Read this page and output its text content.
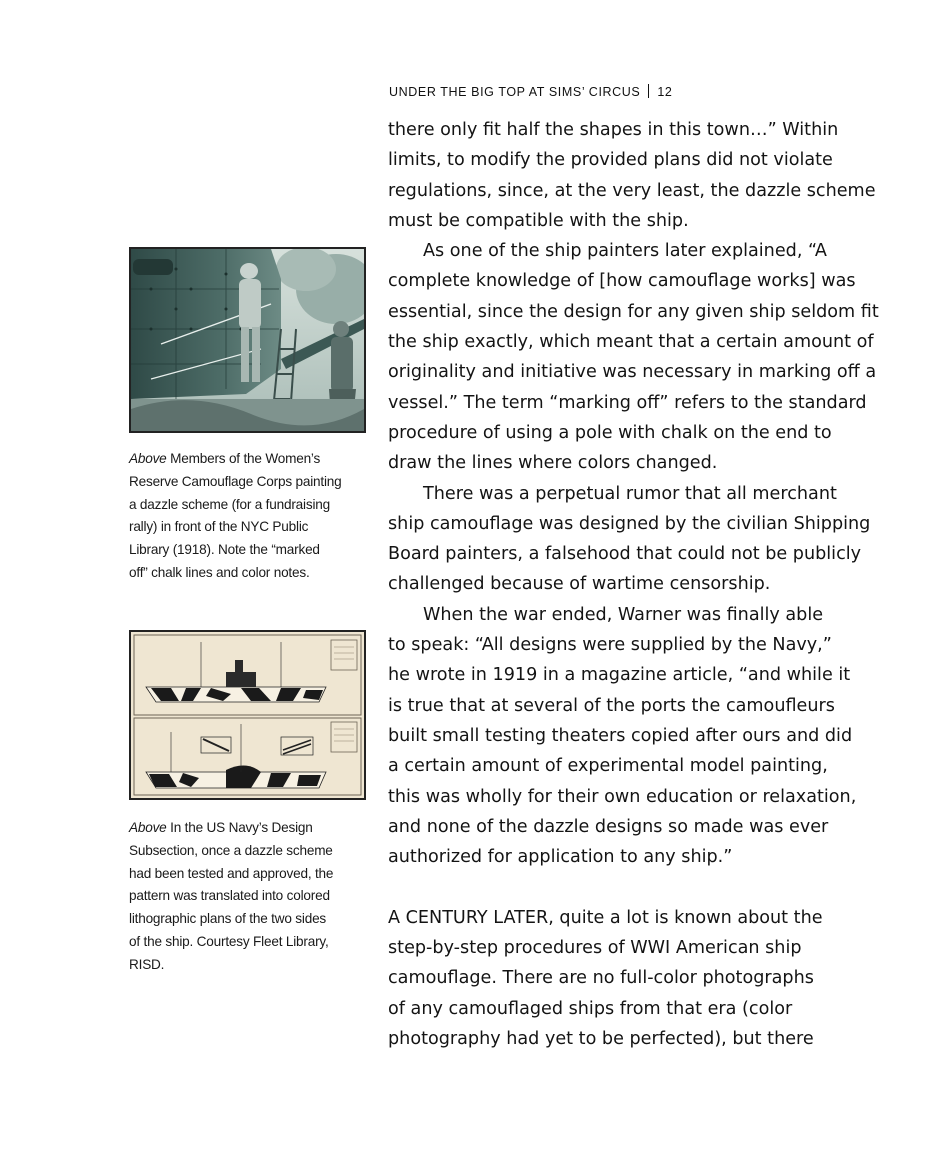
UNDER THE BIG TOP AT SIMS’ CIRCUS 12
there only fit half the shapes in this town…” Within
limits, to modify the provided plans did not violate
regulations, since, at the very least, the dazzle scheme
must be compatible with the ship.
As one of the ship painters later explained, “A
complete knowledge of [how camouflage works] was
essential, since the design for any given ship seldom fit
the ship exactly, which meant that a certain amount of
originality and initiative was necessary in marking off a
vessel.” The term “marking off” refers to the standard
procedure of using a pole with chalk on the end to
draw the lines where colors changed.
There was a perpetual rumor that all merchant
ship camouflage was designed by the civilian Shipping
Board painters, a falsehood that could not be publicly
challenged because of wartime censorship.
When the war ended, Warner was finally able
to speak: “All designs were supplied by the Navy,”
he wrote in 1919 in a magazine article, “and while it
is true that at several of the ports the camoufleurs
built small testing theaters copied after ours and did
a certain amount of experimental model painting,
this was wholly for their own education or relaxation,
and none of the dazzle designs so made was ever
authorized for application to any ship.”
A CENTURY LATER, quite a lot is known about the
step-by-step procedures of WWI American ship
camouflage. There are no full-color photographs
of any camouflaged ships from that era (color
photography had yet to be perfected), but there
Above Members of the Women’s
Reserve Camouflage Corps painting
a dazzle scheme (for a fundraising
rally) in front of the NYC Public
Library (1918). Note the “marked
off” chalk lines and color notes.
Above In the US Navy’s Design
Subsection, once a dazzle scheme
had been tested and approved, the
pattern was translated into colored
lithographic plans of the two sides
of the ship. Courtesy Fleet Library,
RISD.
